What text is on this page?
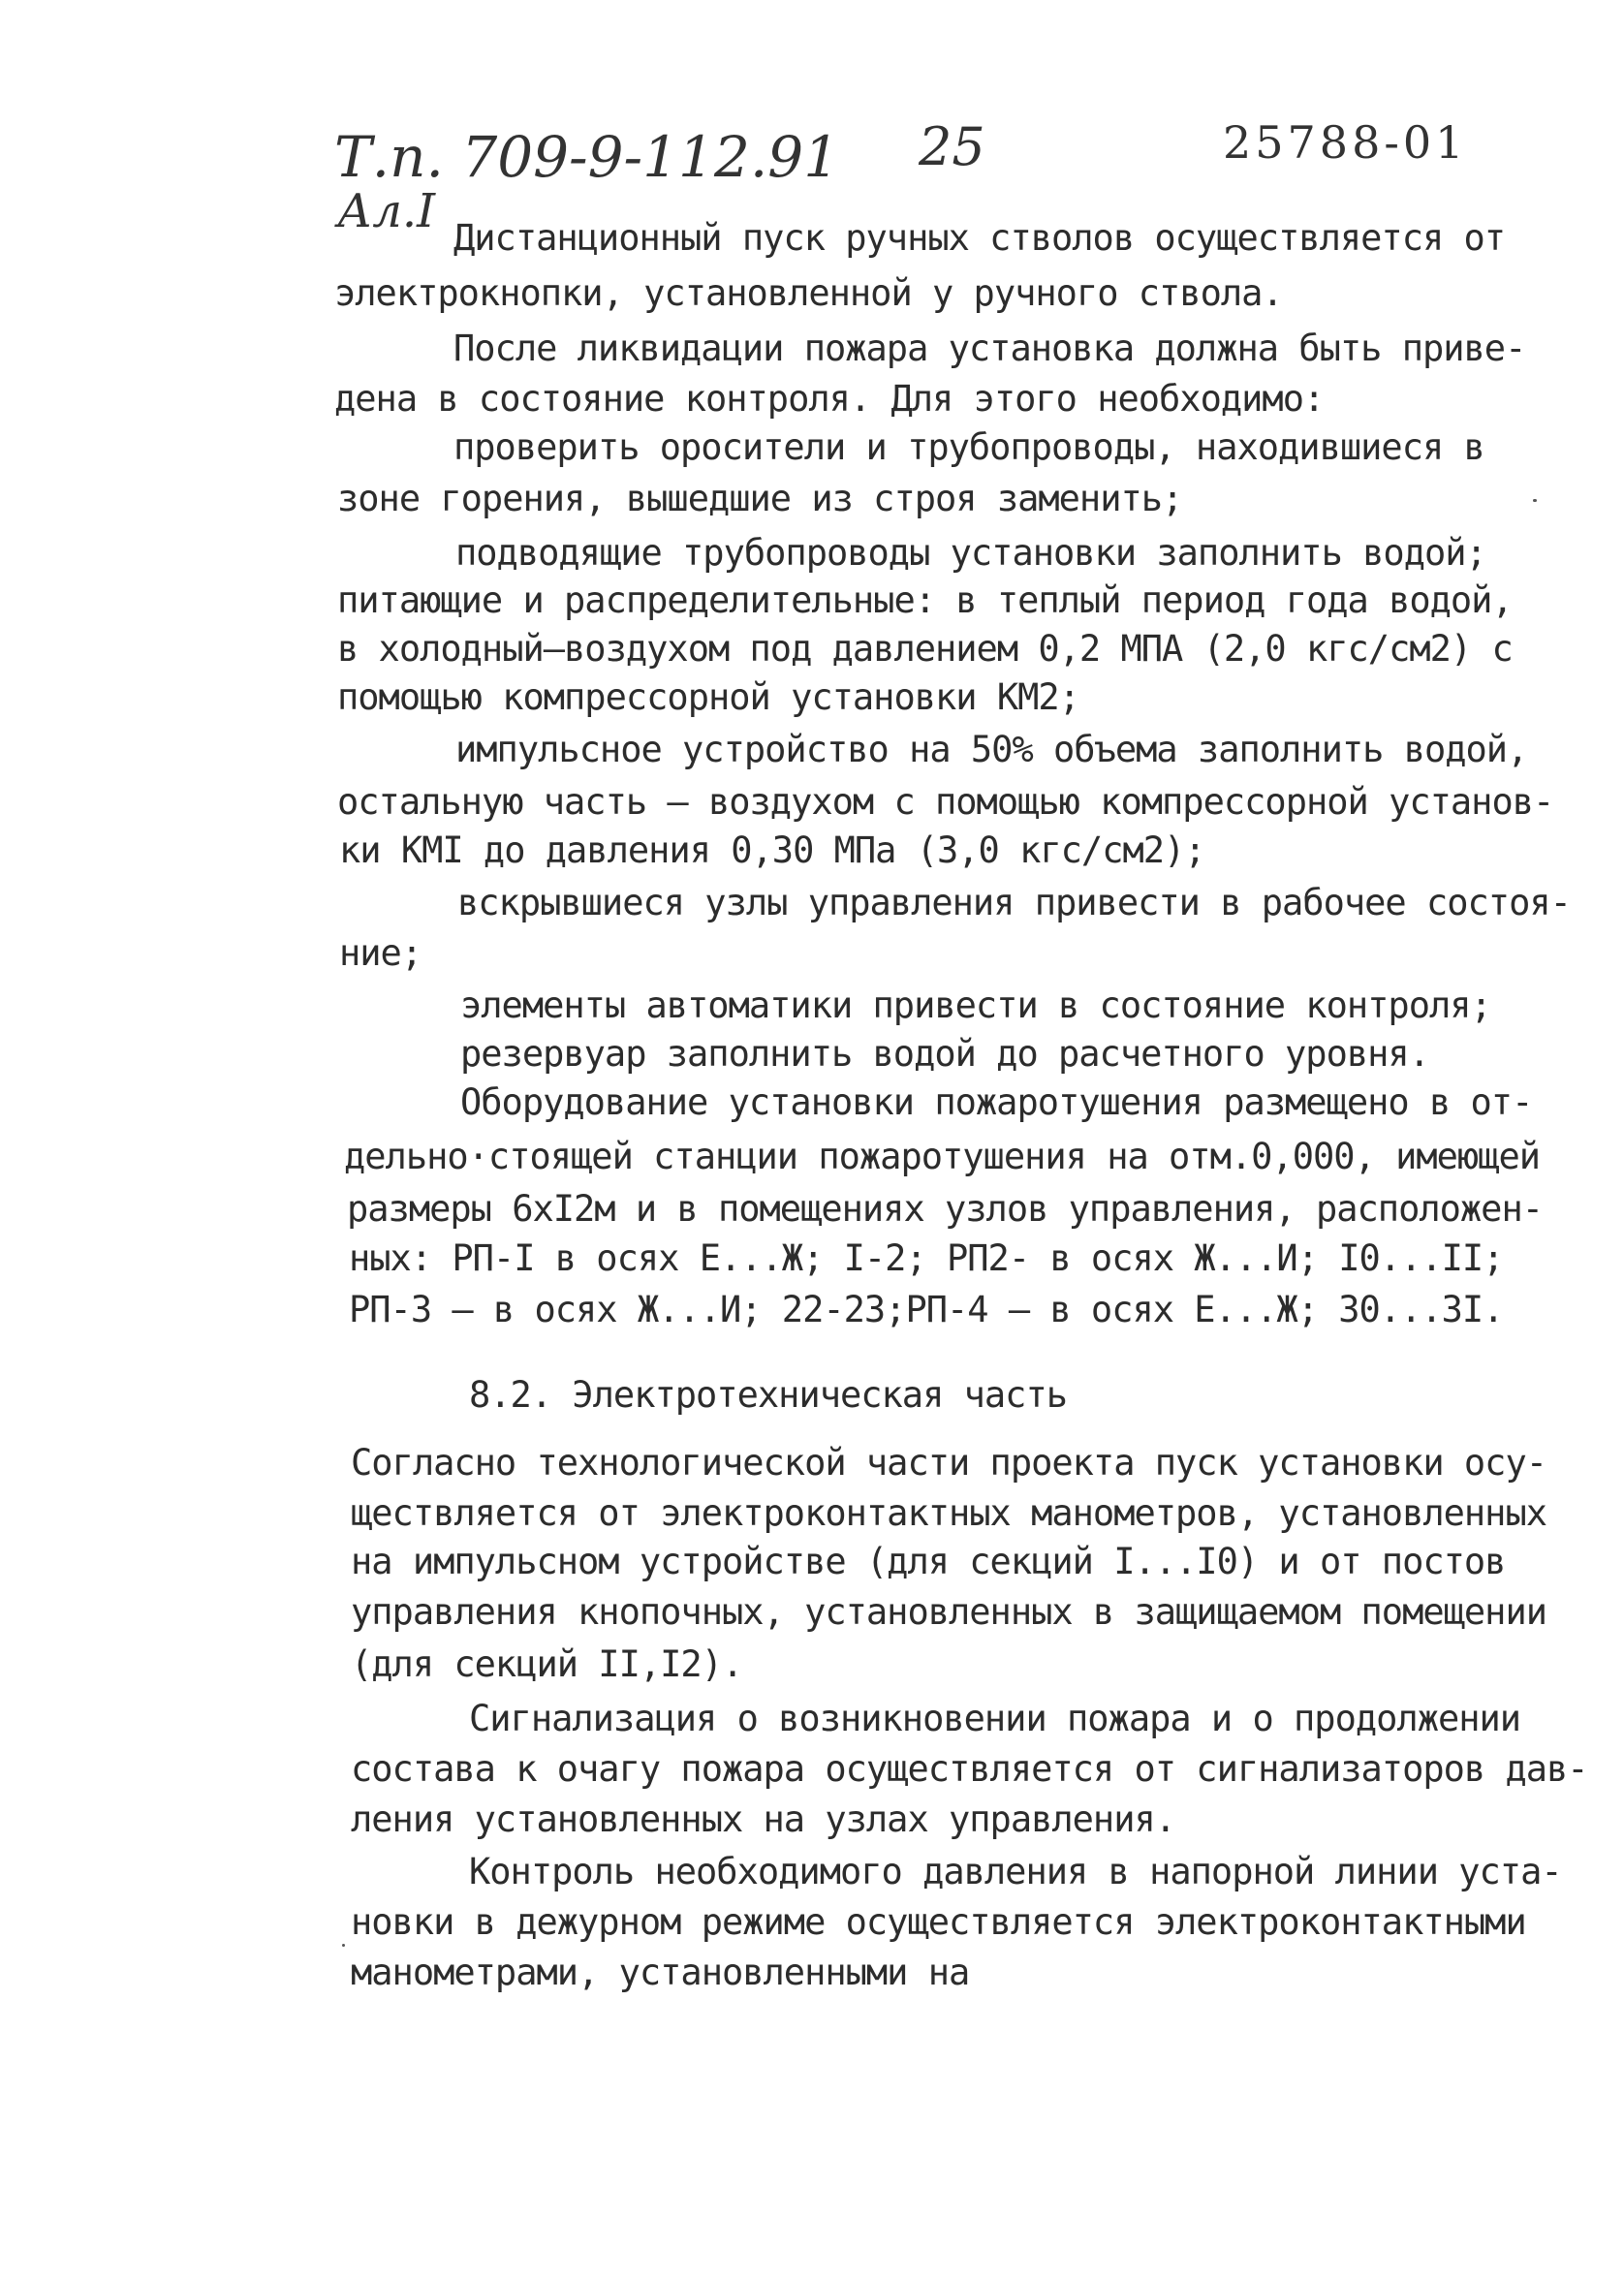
Т.п. 709-9-112.91 25	25788-01
Ал.I Дистанционный пуск ручных стволов осуществляется от
электрокнопки, установленной у ручного ствола.
После ликвидации пожара установка должна быть приве-
дена в состояние контроля. Для этого необходимо:
проверить оросители и трубопроводы, находившиеся в
зоне горения, вышедшие из строя заменить;
подводящие трубопроводы установки заполнить водой;
питающие и распределительные: в теплый период года водой,
в холодный–воздухом под давлением 0,2 МПА (2,0 кгс/см2) с
помощью компрессорной установки КМ2;
импульсное устройство на 50% объема заполнить водой,
остальную часть – воздухом с помощью компрессорной установ-
ки КМI до давления 0,30 МПа (3,0 кгс/см2);
вскрывшиеся узлы управления привести в рабочее состоя-
ние;
элементы автоматики привести в состояние контроля;
резервуар заполнить водой до расчетного уровня.
Оборудование установки пожаротушения размещено в от-
дельно·стоящей станции пожаротушения на отм.0,000, имеющей
размеры 6хI2м и в помещениях узлов управления, расположен-
ных: РП-I в осях Е...Ж; I-2; РП2- в осях Ж...И; I0...II;
РП-3 – в осях Ж...И; 22-23;РП-4 – в осях Е...Ж; 30...3I.
8.2. Электротехническая часть
Согласно технологической части проекта пуск установки осу-
ществляется от электроконтактных манометров, установленных
на импульсном устройстве (для секций I...I0) и от постов
управления кнопочных, установленных в защищаемом помещении
(для секций II,I2).
Сигнализация о возникновении пожара и о продолжении
состава к очагу пожара осуществляется от сигнализаторов дав-
ления установленных на узлах управления.
Контроль необходимого давления в напорной линии уста-
новки в дежурном режиме осуществляется электроконтактными
манометрами, установленными на
